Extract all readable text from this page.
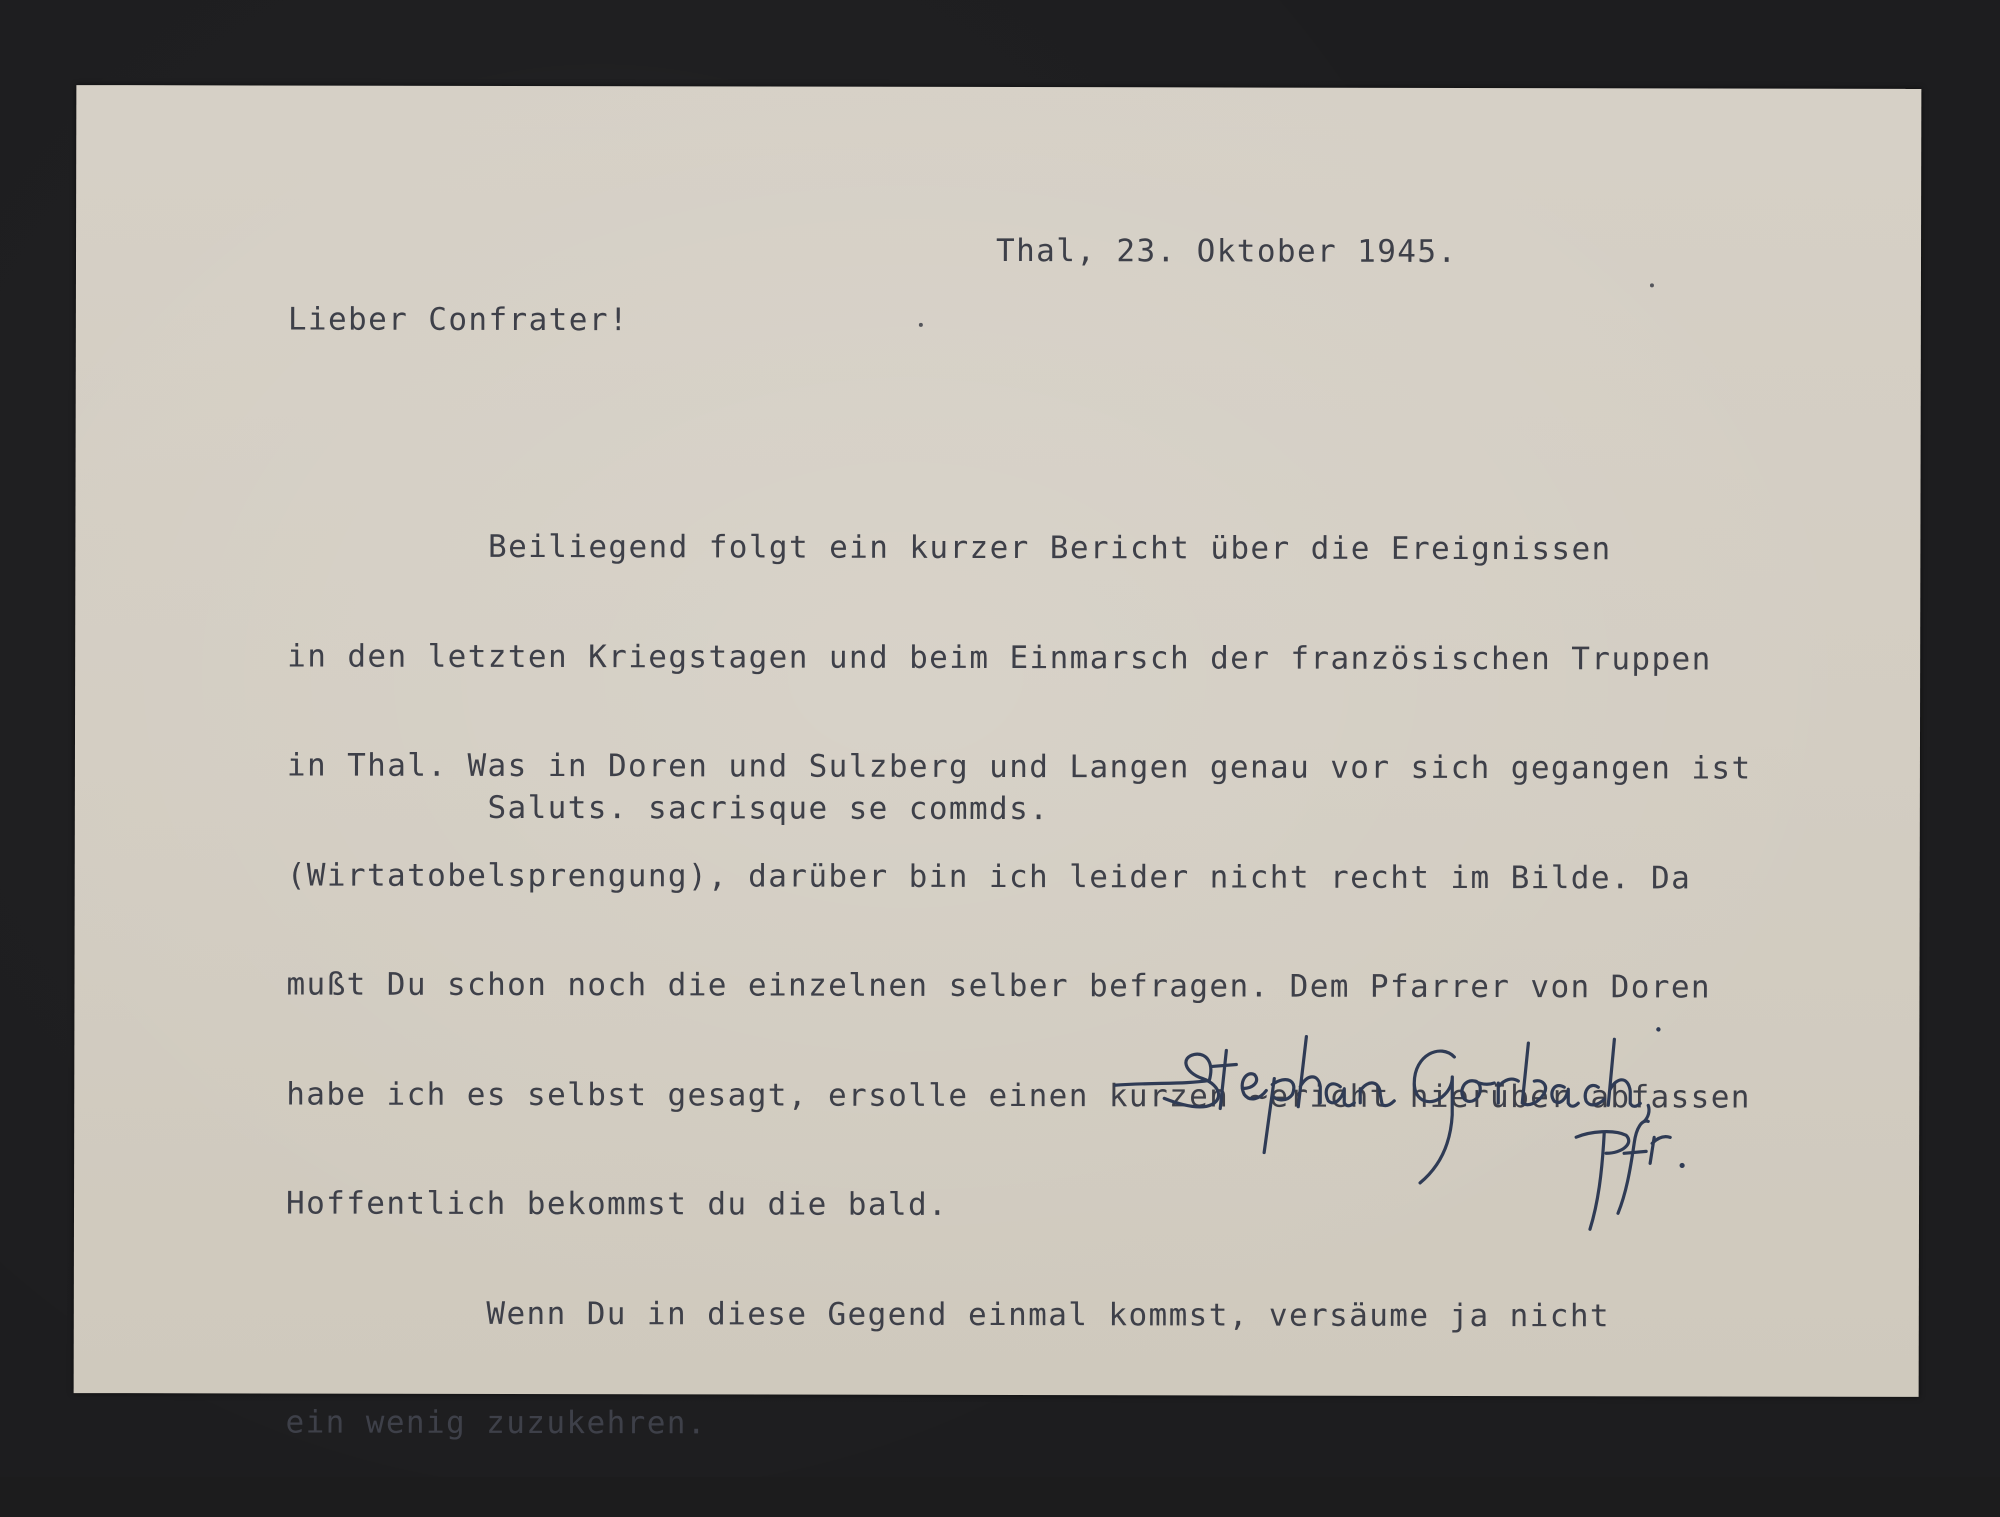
Thal, 23. Oktober 1945.
Lieber Confrater!

Beiliegend folgt ein kurzer Bericht über die Ereignissen

in den letzten Kriegstagen und beim Einmarsch der französischen Truppen

in Thal. Was in Doren und Sulzberg und Langen genau vor sich gegangen ist

(Wirtatobelsprengung), darüber bin ich leider nicht recht im Bilde. Da

mußt Du schon noch die einzelnen selber befragen. Dem Pfarrer von Doren

habe ich es selbst gesagt, ersolle einen kurzen ~ericht hierüber abfassen

Hoffentlich bekommst du die bald.

Wenn Du in diese Gegend einmal kommst, versäume ja nicht

ein wenig zuzukehren.

Saluts. sacrisque se commds.
